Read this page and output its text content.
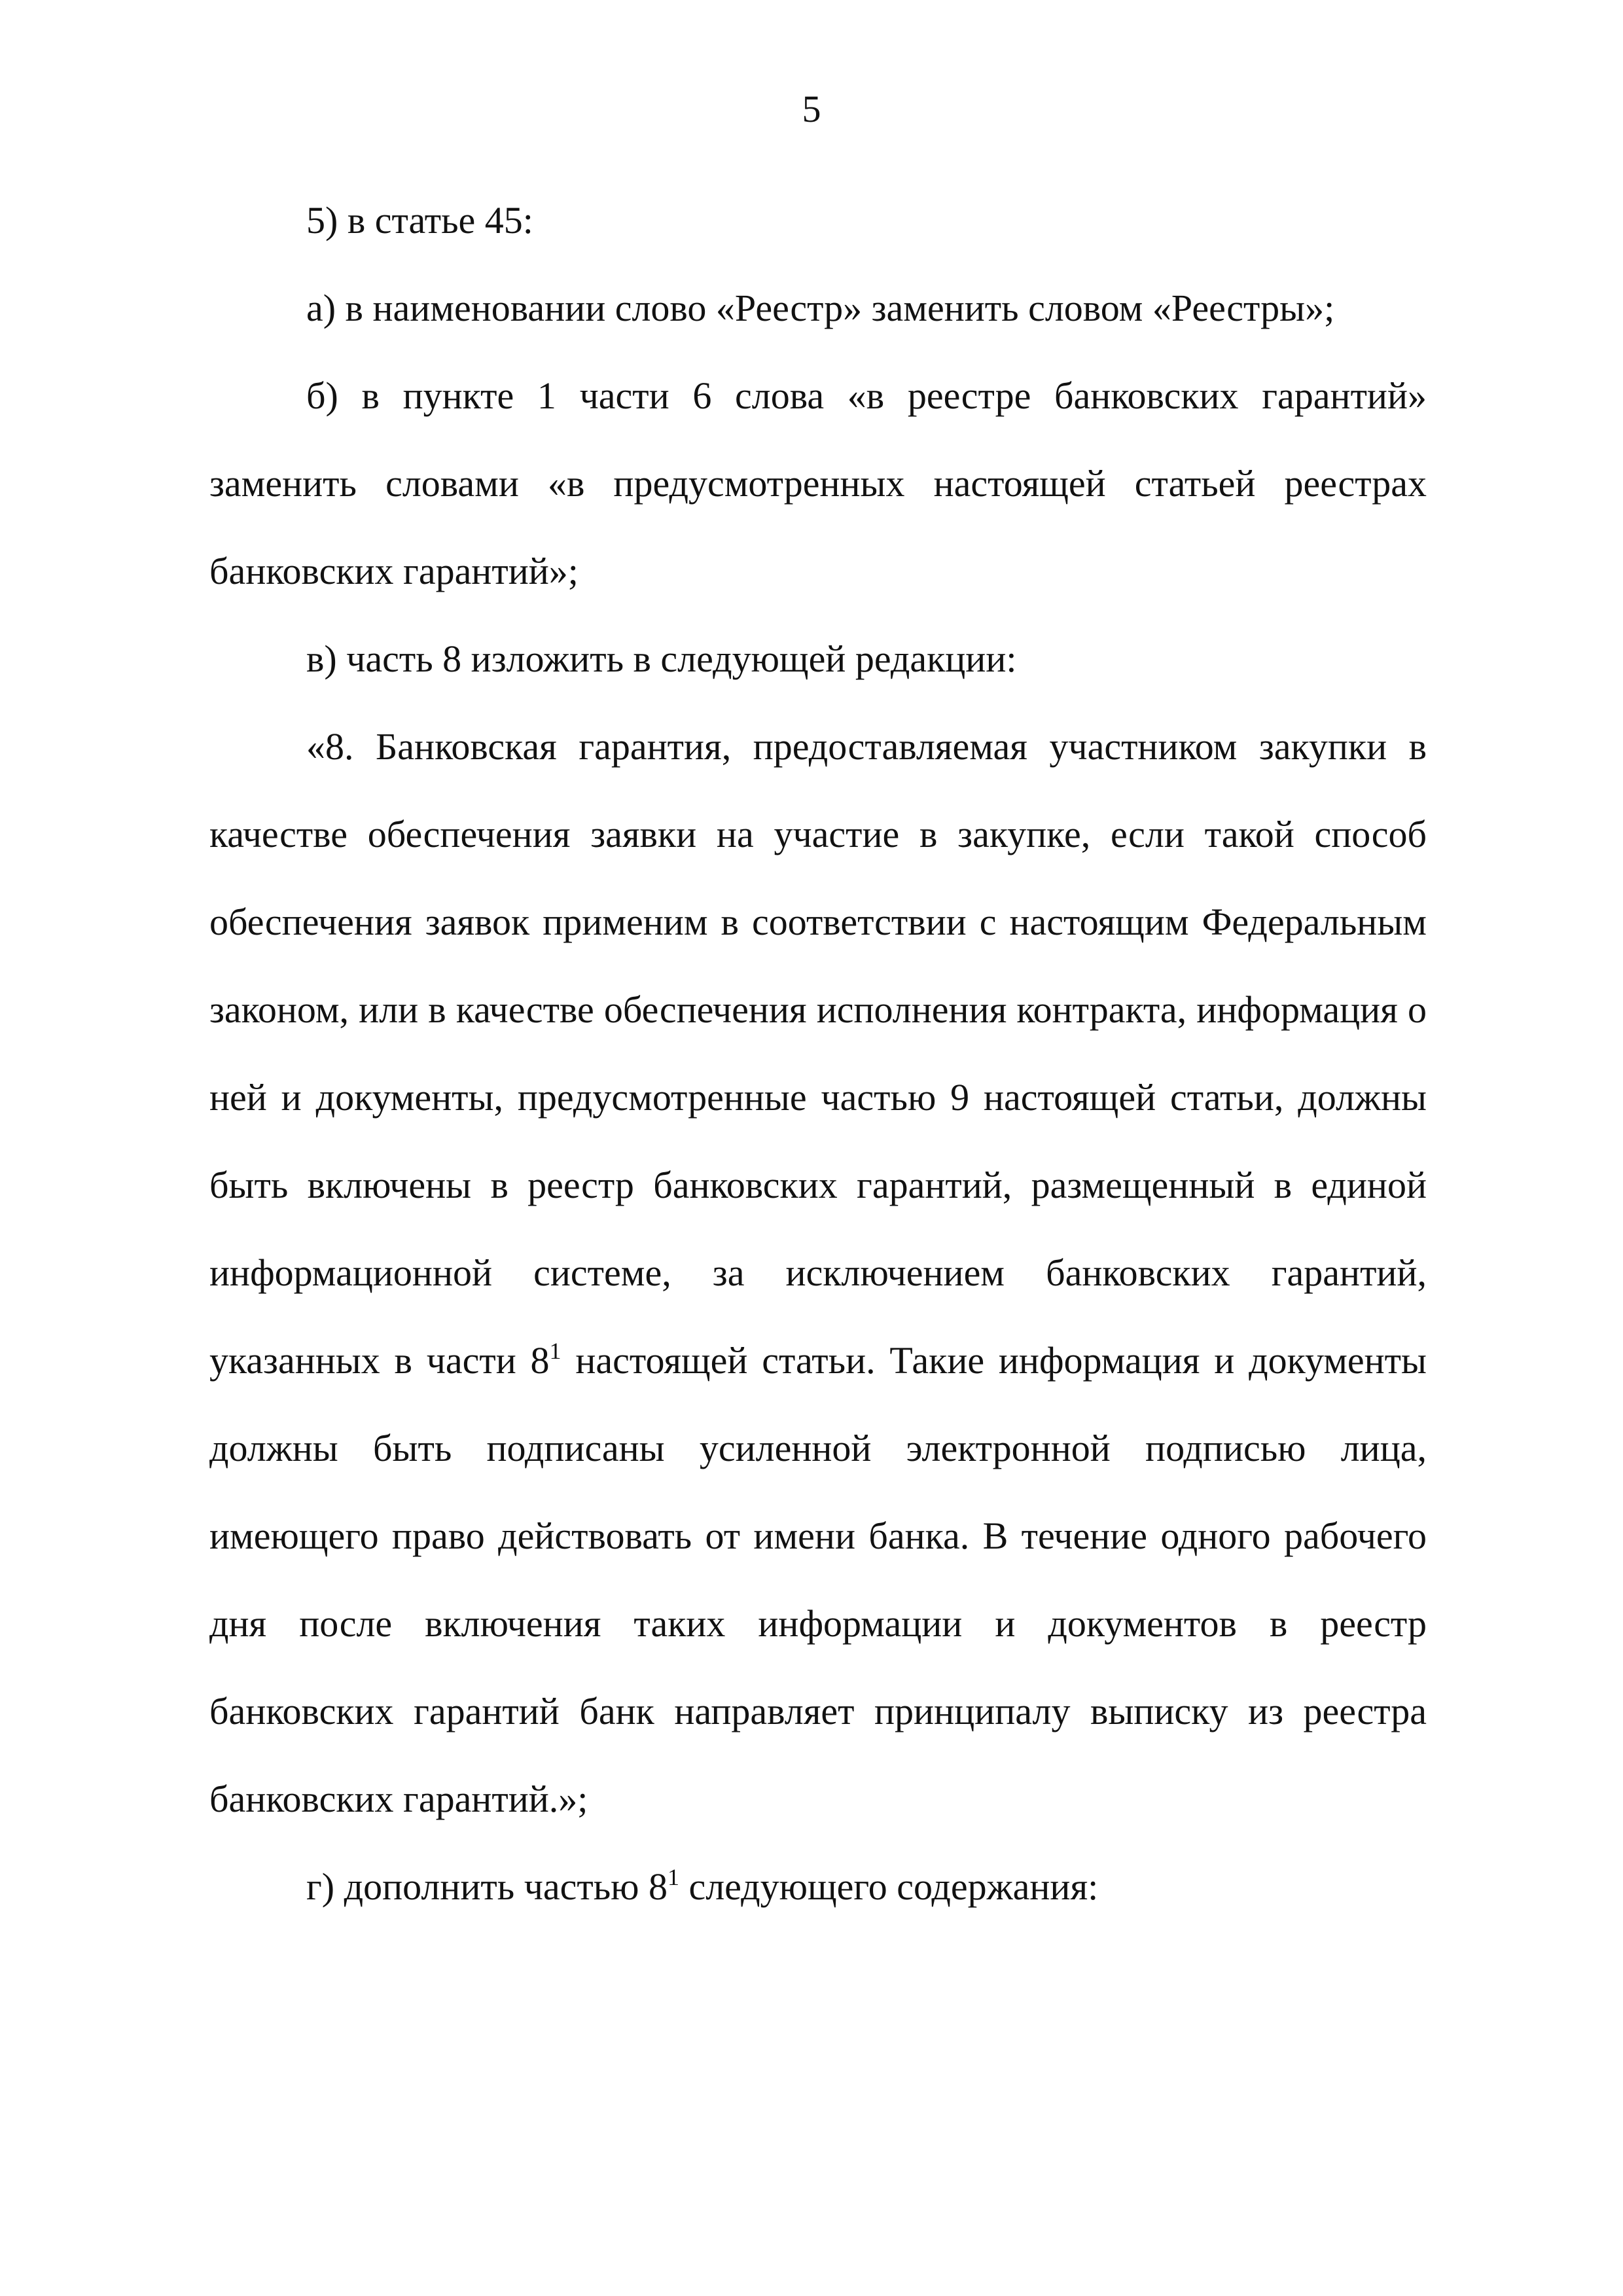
5

5) в статье 45:

а) в наименовании слово «Реестр» заменить словом «Реестры»;

б) в пункте 1 части 6 слова «в реестре банковских гарантий» заменить словами «в предусмотренных настоящей статьей реестрах банковских гарантий»;

в) часть 8 изложить в следующей редакции:

«8. Банковская гарантия, предоставляемая участником закупки в качестве обеспечения заявки на участие в закупке, если такой способ обеспечения заявок применим в соответствии с настоящим Федеральным законом, или в качестве обеспечения исполнения контракта, информация о ней и документы, предусмотренные частью 9 настоящей статьи, должны быть включены в реестр банковских гарантий, размещенный в единой информационной системе, за исключением банковских гарантий, указанных в части $8^1$ настоящей статьи. Такие информация и документы должны быть подписаны усиленной электронной подписью лица, имеющего право действовать от имени банка. В течение одного рабочего дня после включения таких информации и документов в реестр банковских гарантий банк направляет принципалу выписку из реестра банковских гарантий.»;

г) дополнить частью $8^1$ следующего содержания:
